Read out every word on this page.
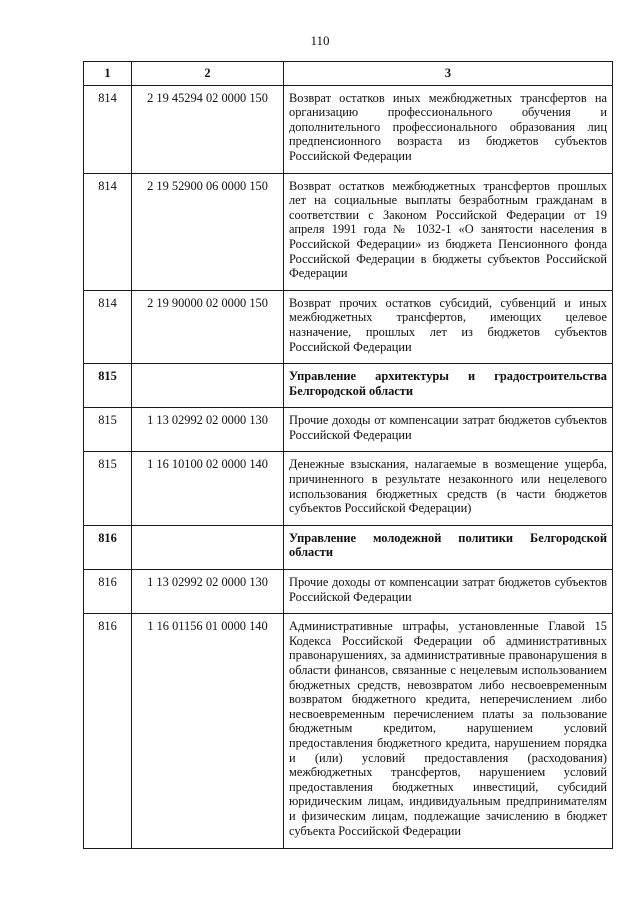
110
1	2	3
814	2 19 45294 02 0000 150	Возврат остатков иных межбюджетных трансфертов на организацию профессионального обучения и дополнительного профессионального образования лиц предпенсионного возраста из бюджетов субъектов Российской Федерации
814	2 19 52900 06 0000 150	Возврат остатков межбюджетных трансфертов прошлых лет на социальные выплаты безработным гражданам в соответствии с Законом Российской Федерации от 19 апреля 1991 года № 1032-1 «О занятости населения в Российской Федерации» из бюджета Пенсионного фонда Российской Федерации в бюджеты субъектов Российской Федерации
814	2 19 90000 02 0000 150	Возврат прочих остатков субсидий, субвенций и иных межбюджетных трансфертов, имеющих целевое назначение, прошлых лет из бюджетов субъектов Российской Федерации
815		Управление архитектуры и градостроительства Белгородской области
815	1 13 02992 02 0000 130	Прочие доходы от компенсации затрат бюджетов субъектов Российской Федерации
815	1 16 10100 02 0000 140	Денежные взыскания, налагаемые в возмещение ущерба, причиненного в результате незаконного или нецелевого использования бюджетных средств (в части бюджетов субъектов Российской Федерации)
816		Управление молодежной политики Белгородской области
816	1 13 02992 02 0000 130	Прочие доходы от компенсации затрат бюджетов субъектов Российской Федерации
816	1 16 01156 01 0000 140	Административные штрафы, установленные Главой 15 Кодекса Российской Федерации об административных правонарушениях, за административные правонарушения в области финансов, связанные с нецелевым использованием бюджетных средств, невозвратом либо несвоевременным возвратом бюджетного кредита, неперечислением либо несвоевременным перечислением платы за пользование бюджетным кредитом, нарушением условий предоставления бюджетного кредита, нарушением порядка и (или) условий предоставления (расходования) межбюджетных трансфертов, нарушением условий предоставления бюджетных инвестиций, субсидий юридическим лицам, индивидуальным предпринимателям и физическим лицам, подлежащие зачислению в бюджет субъекта Российской Федерации
